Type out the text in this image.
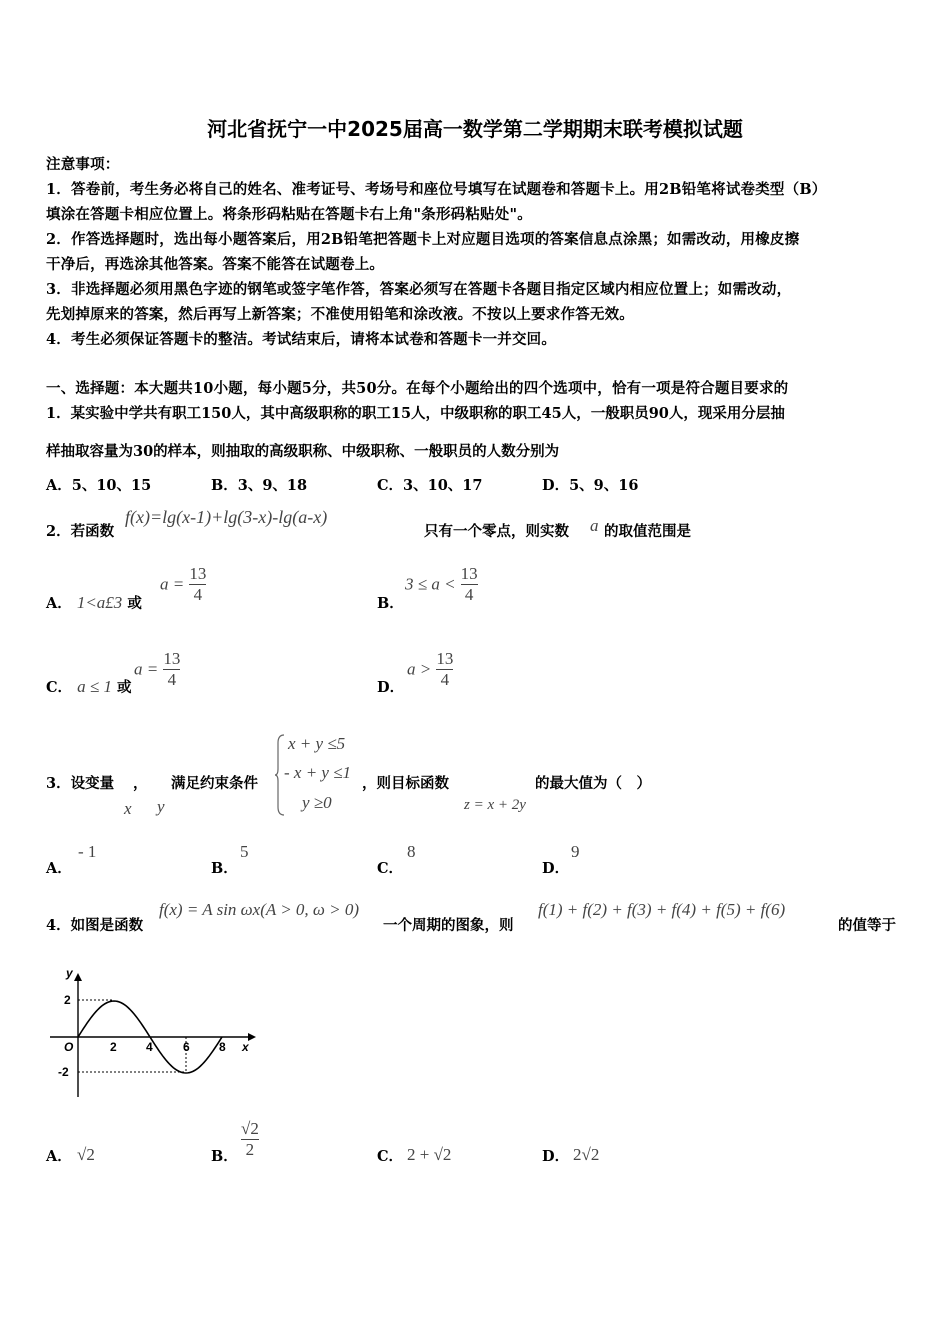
河北省抚宁一中2025届高一数学第二学期期末联考模拟试题
注意事项：
1．答卷前，考生务必将自己的姓名、准考证号、考场号和座位号填写在试题卷和答题卡上。用2B铅笔将试卷类型（B）
填涂在答题卡相应位置上。将条形码粘贴在答题卡右上角"条形码粘贴处"。
2．作答选择题时，选出每小题答案后，用2B铅笔把答题卡上对应题目选项的答案信息点涂黑；如需改动，用橡皮擦
干净后，再选涂其他答案。答案不能答在试题卷上。
3．非选择题必须用黑色字迹的钢笔或签字笔作答，答案必须写在答题卡各题目指定区域内相应位置上；如需改动，
先划掉原来的答案，然后再写上新答案；不准使用铅笔和涂改液。不按以上要求作答无效。
4．考生必须保证答题卡的整洁。考试结束后，请将本试卷和答题卡一并交回。
一、选择题：本大题共10小题，每小题5分，共50分。在每个小题给出的四个选项中，恰有一项是符合题目要求的
1．某实验中学共有职工150人，其中高级职称的职工15人，中级职称的职工45人，一般职员90人，现采用分层抽
样抽取容量为30的样本，则抽取的高级职称、中级职称、一般职员的人数分别为
A．5、10、15	B．3、9、18	C．3、10、17	D．5、9、16
2．若函数
f(x)=lg(x-1)+lg(3-x)-lg(a-x)
只有一个零点，则实数 a 的取值范围是
A． 1<a£3 或
$a = \frac{13}{4}$	B．
$3 \le a < \frac{13}{4}$
C． a ≤ 1 或
$a = \frac{13}{4}$	D．
$a > \frac{13}{4}$
3．设变量 ， 满足约束条件
x y
x + y ≤5
- x + y ≤1
y ≥0
，则目标函数
z = x + 2y
的最大值为（　）
A．
- 1
B．
5
C．
8
D．
9
4．如图是函数
f(x) = A sin ωx(A > 0, ω > 0)
一个周期的图象，则
f(1) + f(2) + f(3) + f(4) + f(5) + f(6)
的值等于
y
x
O
2
-2
2 4	6 8
A． √2	B． $\frac{√2}{2}$	C． 2 + √2	D． 2√2
